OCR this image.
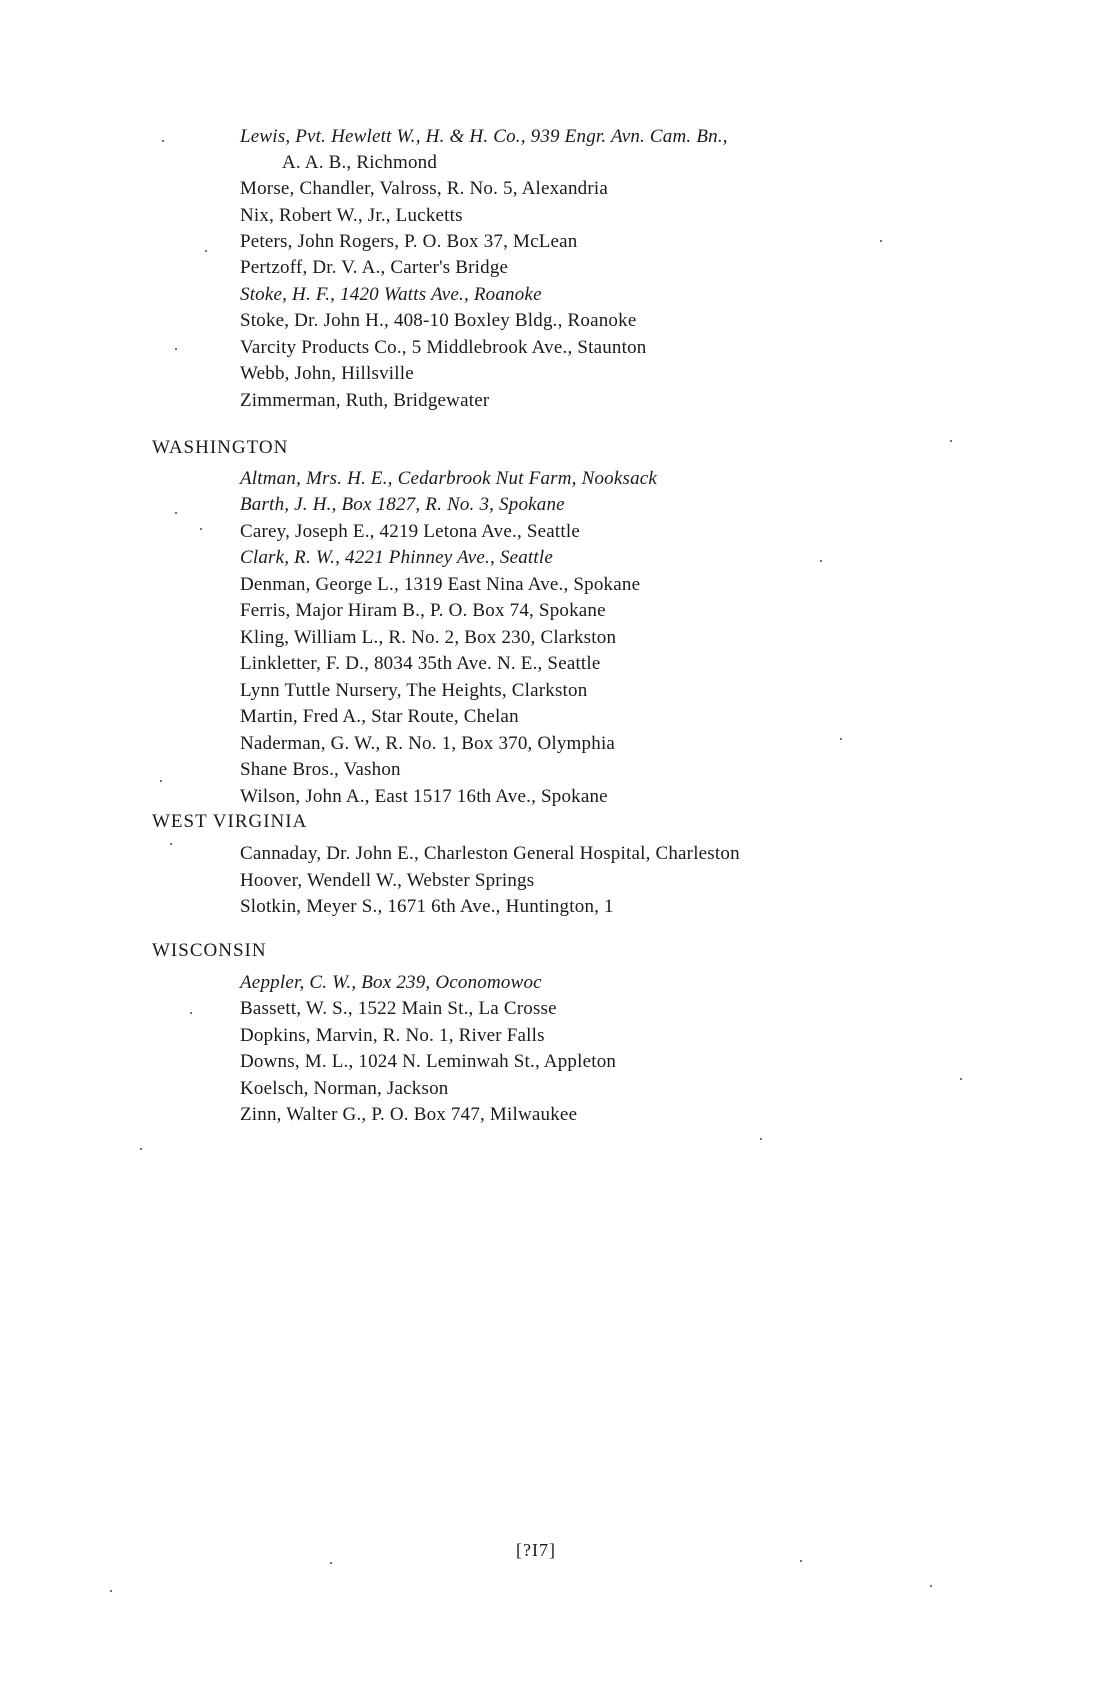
Lewis, Pvt. Hewlett W., H. & H. Co., 939 Engr. Avn. Cam. Bn.,
A. A. B., Richmond
Morse, Chandler, Valross, R. No. 5, Alexandria
Nix, Robert W., Jr., Lucketts
Peters, John Rogers, P. O. Box 37, McLean
Pertzoff, Dr. V. A., Carter's Bridge
Stoke, H. F., 1420 Watts Ave., Roanoke
Stoke, Dr. John H., 408-10 Boxley Bldg., Roanoke
Varcity Products Co., 5 Middlebrook Ave., Staunton
Webb, John, Hillsville
Zimmerman, Ruth, Bridgewater
WASHINGTON
Altman, Mrs. H. E., Cedarbrook Nut Farm, Nooksack
Barth, J. H., Box 1827, R. No. 3, Spokane
Carey, Joseph E., 4219 Letona Ave., Seattle
Clark, R. W., 4221 Phinney Ave., Seattle
Denman, George L., 1319 East Nina Ave., Spokane
Ferris, Major Hiram B., P. O. Box 74, Spokane
Kling, William L., R. No. 2, Box 230, Clarkston
Linkletter, F. D., 8034 35th Ave. N. E., Seattle
Lynn Tuttle Nursery, The Heights, Clarkston
Martin, Fred A., Star Route, Chelan
Naderman, G. W., R. No. 1, Box 370, Olymphia
Shane Bros., Vashon
Wilson, John A., East 1517 16th Ave., Spokane
WEST VIRGINIA
Cannaday, Dr. John E., Charleston General Hospital, Charleston
Hoover, Wendell W., Webster Springs
Slotkin, Meyer S., 1671 6th Ave., Huntington, 1
WISCONSIN
Aeppler, C. W., Box 239, Oconomowoc
Bassett, W. S., 1522 Main St., La Crosse
Dopkins, Marvin, R. No. 1, River Falls
Downs, M. L., 1024 N. Leminwah St., Appleton
Koelsch, Norman, Jackson
Zinn, Walter G., P. O. Box 747, Milwaukee
[?I7]
